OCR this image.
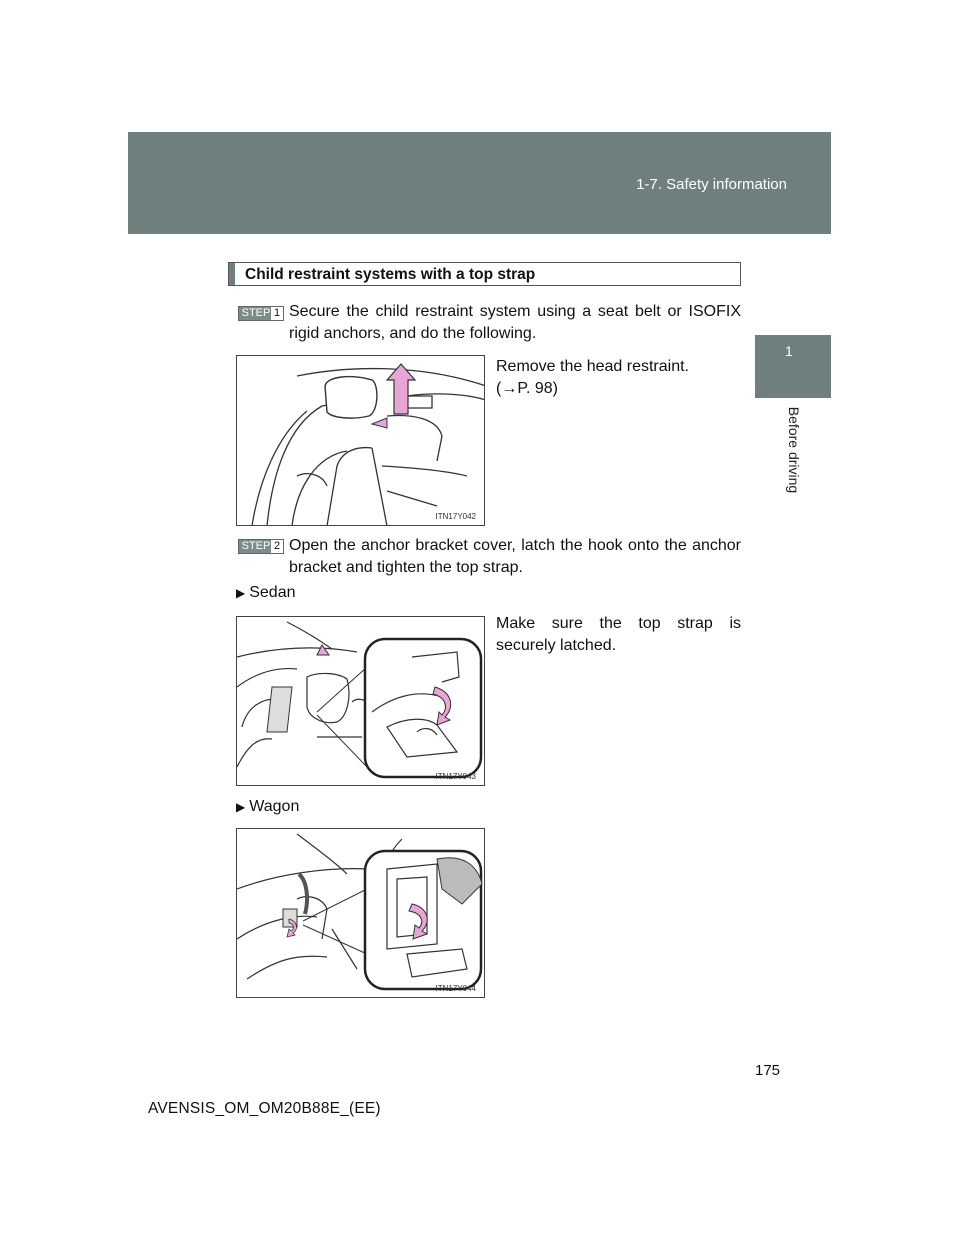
1-7. Safety information
1
Before driving
Child restraint systems with a top strap
STEP 1 Secure the child restraint system using a seat belt or ISOFIX rigid anchors, and do the following.
ITN17Y042
Remove the head restraint.
(→P. 98)
STEP 2 Open the anchor bracket cover, latch the hook onto the anchor bracket and tighten the top strap.
▶ Sedan
ITN17Y043
Make sure the top strap is securely latched.
▶ Wagon
ITN17Y044
175
AVENSIS_OM_OM20B88E_(EE)
